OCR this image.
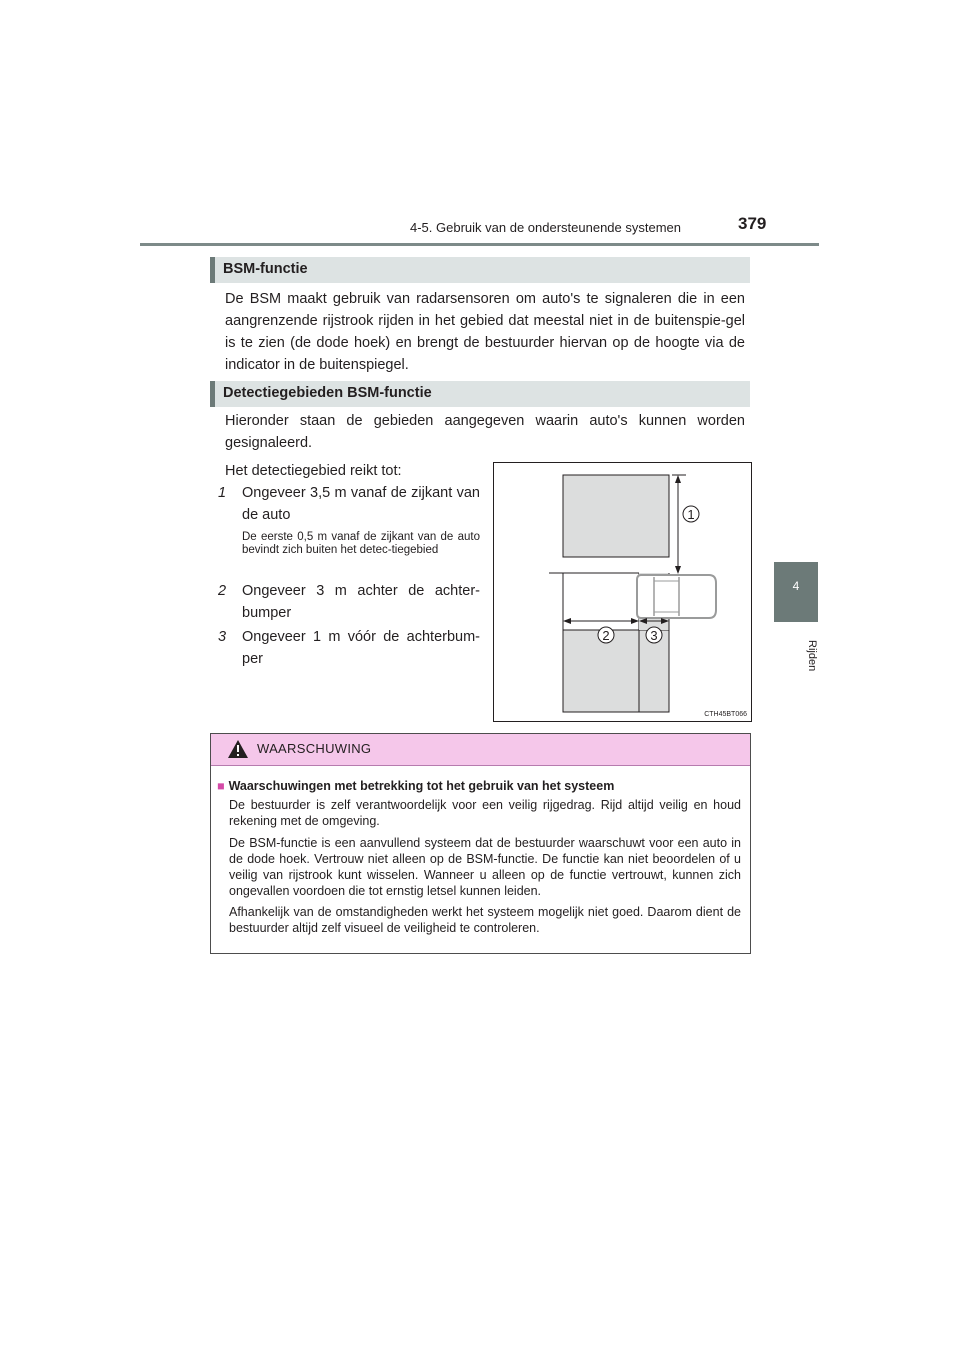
4-5. Gebruik van de ondersteunende systemen	379
4
Rijden
BSM-functie
De BSM maakt gebruik van radarsensoren om auto's te signaleren die in een aangrenzende rijstrook rijden in het gebied dat meestal niet in de buitenspie-gel is te zien (de dode hoek) en brengt de bestuurder hiervan op de hoogte via de indicator in de buitenspiegel.
Detectiegebieden BSM-functie
Hieronder staan de gebieden aangegeven waarin auto's kunnen worden gesignaleerd.
Het detectiegebied reikt tot:
1 Ongeveer 3,5 m vanaf de zijkant van de auto
De eerste 0,5 m vanaf de zijkant van de auto bevindt zich buiten het detec-tiegebied
2 Ongeveer 3 m achter de achter-bumper
3 Ongeveer 1 m vóór de achterbum-per
1
2	3
CTH45BT066
WAARSCHUWING
■ Waarschuwingen met betrekking tot het gebruik van het systeem
De bestuurder is zelf verantwoordelijk voor een veilig rijgedrag. Rijd altijd veilig en houd rekening met de omgeving.
De BSM-functie is een aanvullend systeem dat de bestuurder waarschuwt voor een auto in de dode hoek. Vertrouw niet alleen op de BSM-functie. De functie kan niet beoordelen of u veilig van rijstrook kunt wisselen. Wanneer u alleen op de functie vertrouwt, kunnen zich ongevallen voordoen die tot ernstig letsel kunnen leiden.
Afhankelijk van de omstandigheden werkt het systeem mogelijk niet goed. Daarom dient de bestuurder altijd zelf visueel de veiligheid te controleren.
